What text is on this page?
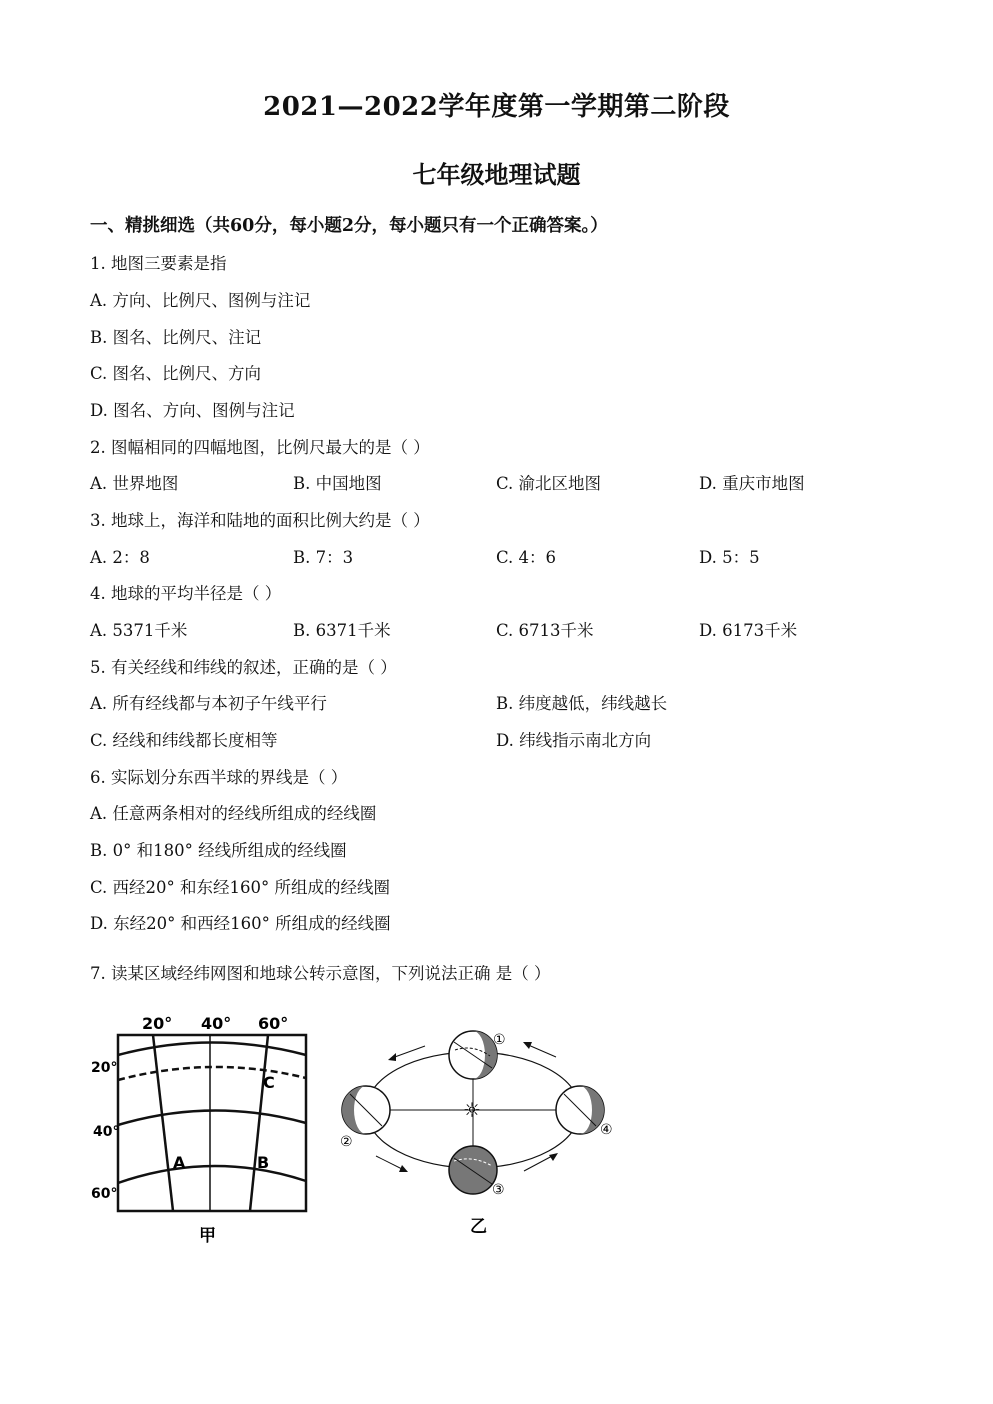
2021—2022学年度第一学期第二阶段
七年级地理试题
一、精挑细选（共60分，每小题2分，每小题只有一个正确答案。）
1. 地图三要素是指
A. 方向、比例尺、图例与注记
B. 图名、比例尺、注记
C. 图名、比例尺、方向
D. 图名、方向、图例与注记
2. 图幅相同的四幅地图，比例尺最大的是（ ）
A. 世界地图	B. 中国地图	C. 渝北区地图	D. 重庆市地图
3. 地球上，海洋和陆地的面积比例大约是（ ）
A. 2：8	B. 7：3	C. 4：6	D. 5：5
4. 地球的平均半径是（ ）
A. 5371千米	B. 6371千米	C. 6713千米	D. 6173千米
5. 有关经线和纬线的叙述，正确的是（ ）
A. 所有经线都与本初子午线平行	B. 纬度越低，纬线越长
C. 经线和纬线都长度相等	D. 纬线指示南北方向
6. 实际划分东西半球的界线是（ ）
A. 任意两条相对的经线所组成的经线圈
B. 0° 和180° 经线所组成的经线圈
C. 西经20° 和东经160° 所组成的经线圈
D. 东经20° 和西经160° 所组成的经线圈
7. 读某区域经纬网图和地球公转示意图，下列说法正确 是（ ）
20° 40° 60°
20°
40°
60°
A	B
C
甲
☼
①
②
③
④
乙
